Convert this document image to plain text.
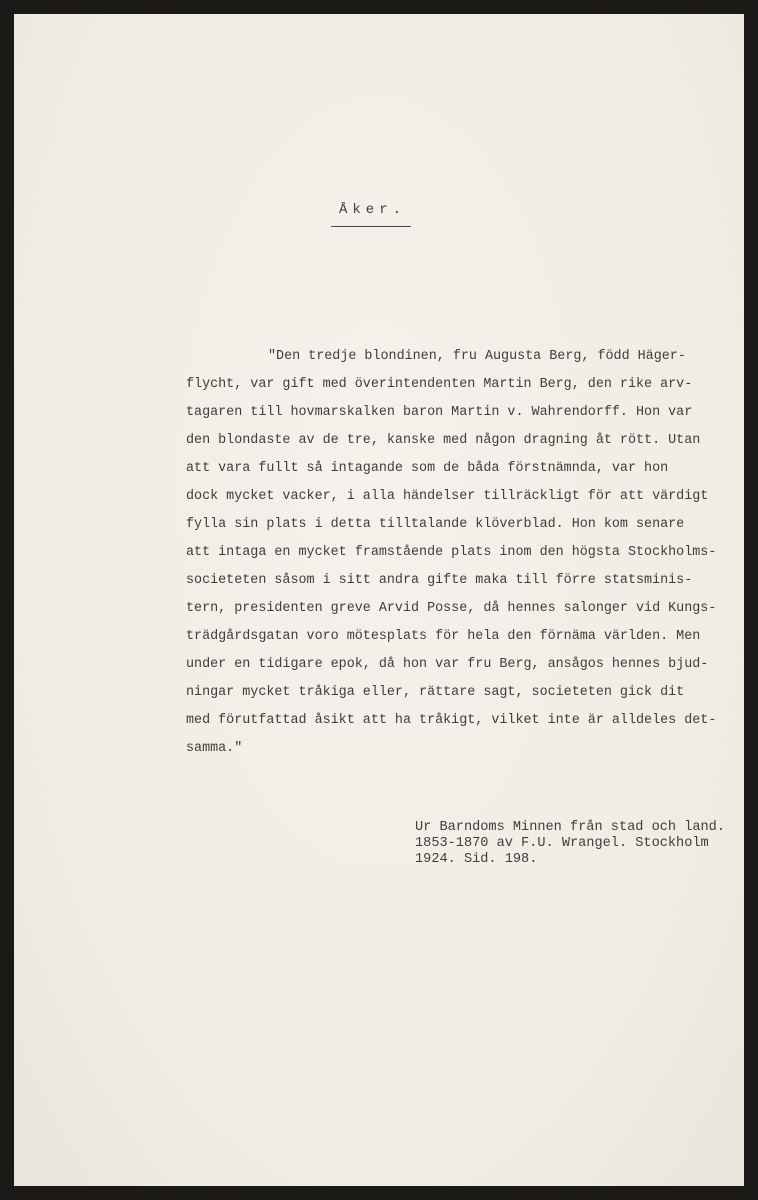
Åker.
"Den tredje blondinen, fru Augusta Berg, född Häger-
flycht, var gift med överintendenten Martin Berg, den rike arv-
tagaren till hovmarskalken baron Martin v. Wahrendorff. Hon var
den blondaste av de tre, kanske med någon dragning åt rött. Utan
att vara fullt så intagande som de båda förstnämnda, var hon
dock mycket vacker, i alla händelser tillräckligt för att värdigt
fylla sin plats i detta tilltalande klöverblad. Hon kom senare
att intaga en mycket framstående plats inom den högsta Stockholms-
societeten såsom i sitt andra gifte maka till förre statsminis-
tern, presidenten greve Arvid Posse, då hennes salonger vid Kungs-
trädgårdsgatan voro mötesplats för hela den förnäma världen. Men
under en tidigare epok, då hon var fru Berg, ansågos hennes bjud-
ningar mycket tråkiga eller, rättare sagt, societeten gick dit
med förutfattad åsikt att ha tråkigt, vilket inte är alldeles det-
samma."
Ur Barndoms Minnen från stad och land.
1853-1870 av F.U. Wrangel. Stockholm
1924. Sid. 198.
